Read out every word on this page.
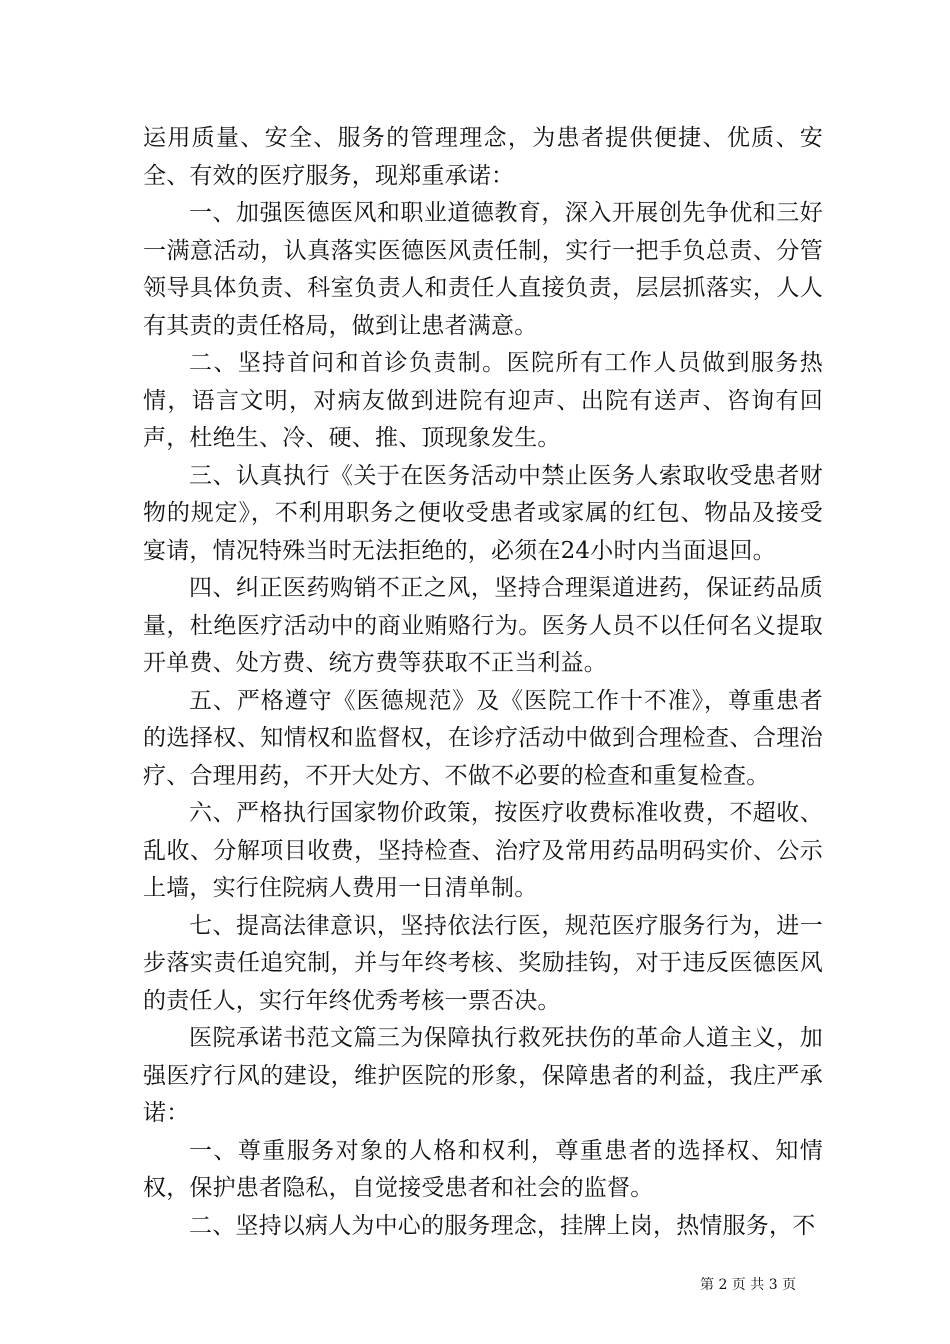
运用质量、安全、服务的管理理念，为患者提供便捷、优质、安全、有效的医疗服务，现郑重承诺：

一、加强医德医风和职业道德教育，深入开展创先争优和三好一满意活动，认真落实医德医风责任制，实行一把手负总责、分管领导具体负责、科室负责人和责任人直接负责，层层抓落实，人人有其责的责任格局，做到让患者满意。

二、坚持首问和首诊负责制。医院所有工作人员做到服务热情，语言文明，对病友做到进院有迎声、出院有送声、咨询有回声，杜绝生、冷、硬、推、顶现象发生。

三、认真执行《关于在医务活动中禁止医务人索取收受患者财物的规定》，不利用职务之便收受患者或家属的红包、物品及接受宴请，情况特殊当时无法拒绝的，必须在24小时内当面退回。

四、纠正医药购销不正之风，坚持合理渠道进药，保证药品质量，杜绝医疗活动中的商业贿赂行为。医务人员不以任何名义提取开单费、处方费、统方费等获取不正当利益。

五、严格遵守《医德规范》及《医院工作十不准》，尊重患者的选择权、知情权和监督权，在诊疗活动中做到合理检查、合理治疗、合理用药，不开大处方、不做不必要的检查和重复检查。

六、严格执行国家物价政策，按医疗收费标准收费，不超收、乱收、分解项目收费，坚持检查、治疗及常用药品明码实价、公示上墙，实行住院病人费用一日清单制。

七、提高法律意识，坚持依法行医，规范医疗服务行为，进一步落实责任追究制，并与年终考核、奖励挂钩，对于违反医德医风的责任人，实行年终优秀考核一票否决。

医院承诺书范文篇三为保障执行救死扶伤的革命人道主义，加强医疗行风的建设，维护医院的形象，保障患者的利益，我庄严承诺：

一、尊重服务对象的人格和权利，尊重患者的选择权、知情权，保护患者隐私，自觉接受患者和社会的监督。

二、坚持以病人为中心的服务理念，挂牌上岗，热情服务，不

第 2 页 共 3 页
